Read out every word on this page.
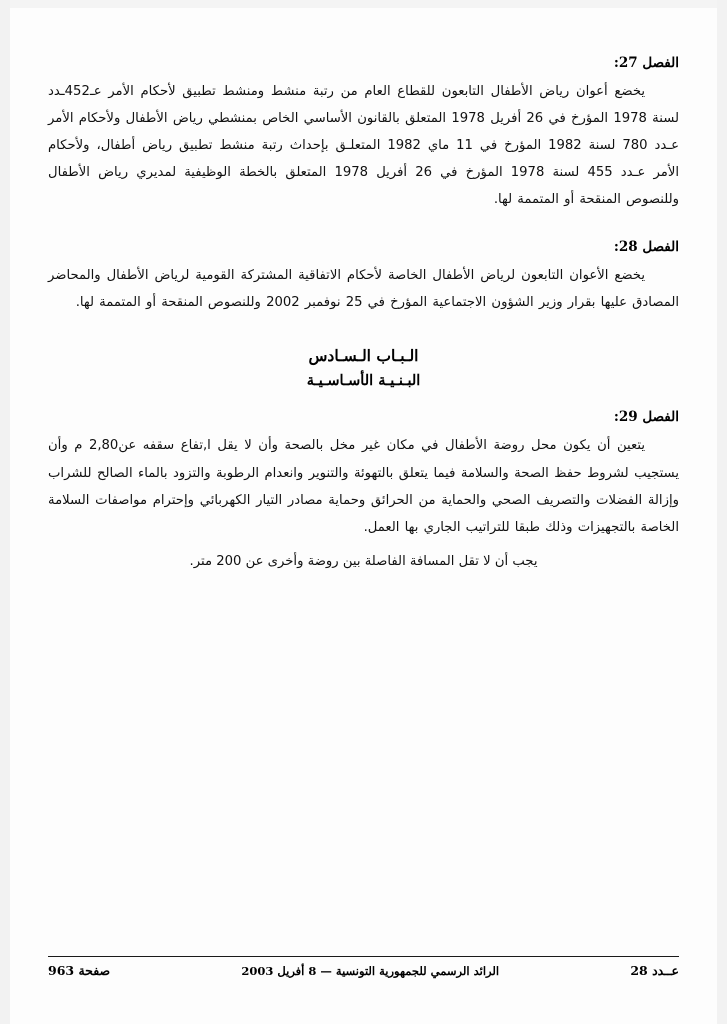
الفصل 27:

يخضع أعوان رياض الأطفال التابعون للقطاع العام من رتبة منشط ومنشط تطبيق لأحكام الأمر عـ452ـدد لسنة 1978 المؤرخ في 26 أفريل 1978 المتعلق بالقانون الأساسي الخاص بمنشطي رياض الأطفال ولأحكام الأمر عـدد 780 لسنة 1982 المؤرخ في 11 ماي 1982 المتعلـق بإحداث رتبة منشط تطبيق رياض أطفال، ولأحكام الأمر عـدد 455 لسنة 1978 المؤرخ في 26 أفريل 1978 المتعلق بالخطة الوظيفية لمديري رياض الأطفال وللنصوص المنقحة أو المتممة لها.

الفصل 28:

يخضع الأعوان التابعون لرياض الأطفال الخاصة لأحكام الاتفاقية المشتركة القومية لرياض الأطفال والمحاضر المصادق عليها بقرار وزير الشؤون الاجتماعية المؤرخ في 25 نوفمبر 2002 وللنصوص المنقحة أو المتممة لها.

الـبـاب الـسـادس
البـنـيـة الأسـاسـيـة
الفصل 29:

يتعين أن يكون محل روضة الأطفال في مكان غير مخل بالصحة وأن لا يقل ا,تفاع سقفه عن2,80 م وأن يستجيب لشروط حفظ الصحة والسلامة فيما يتعلق بالتهوئة والتنوير وانعدام الرطوبة والتزود بالماء الصالح للشراب وإزالة الفضلات والتصريف الصحي والحماية من الحرائق وحماية مصادر التيار الكهربائي وإحترام مواصفات السلامة الخاصة بالتجهيزات وذلك طبقا للتراتيب الجاري بها العمل.

يجب أن لا تقل المسافة الفاصلة بين روضة وأخرى عن 200 متر.

عــدد 28
الرائد الرسمي للجمهورية التونسية — 8 أفريل 2003
صفحة 963
